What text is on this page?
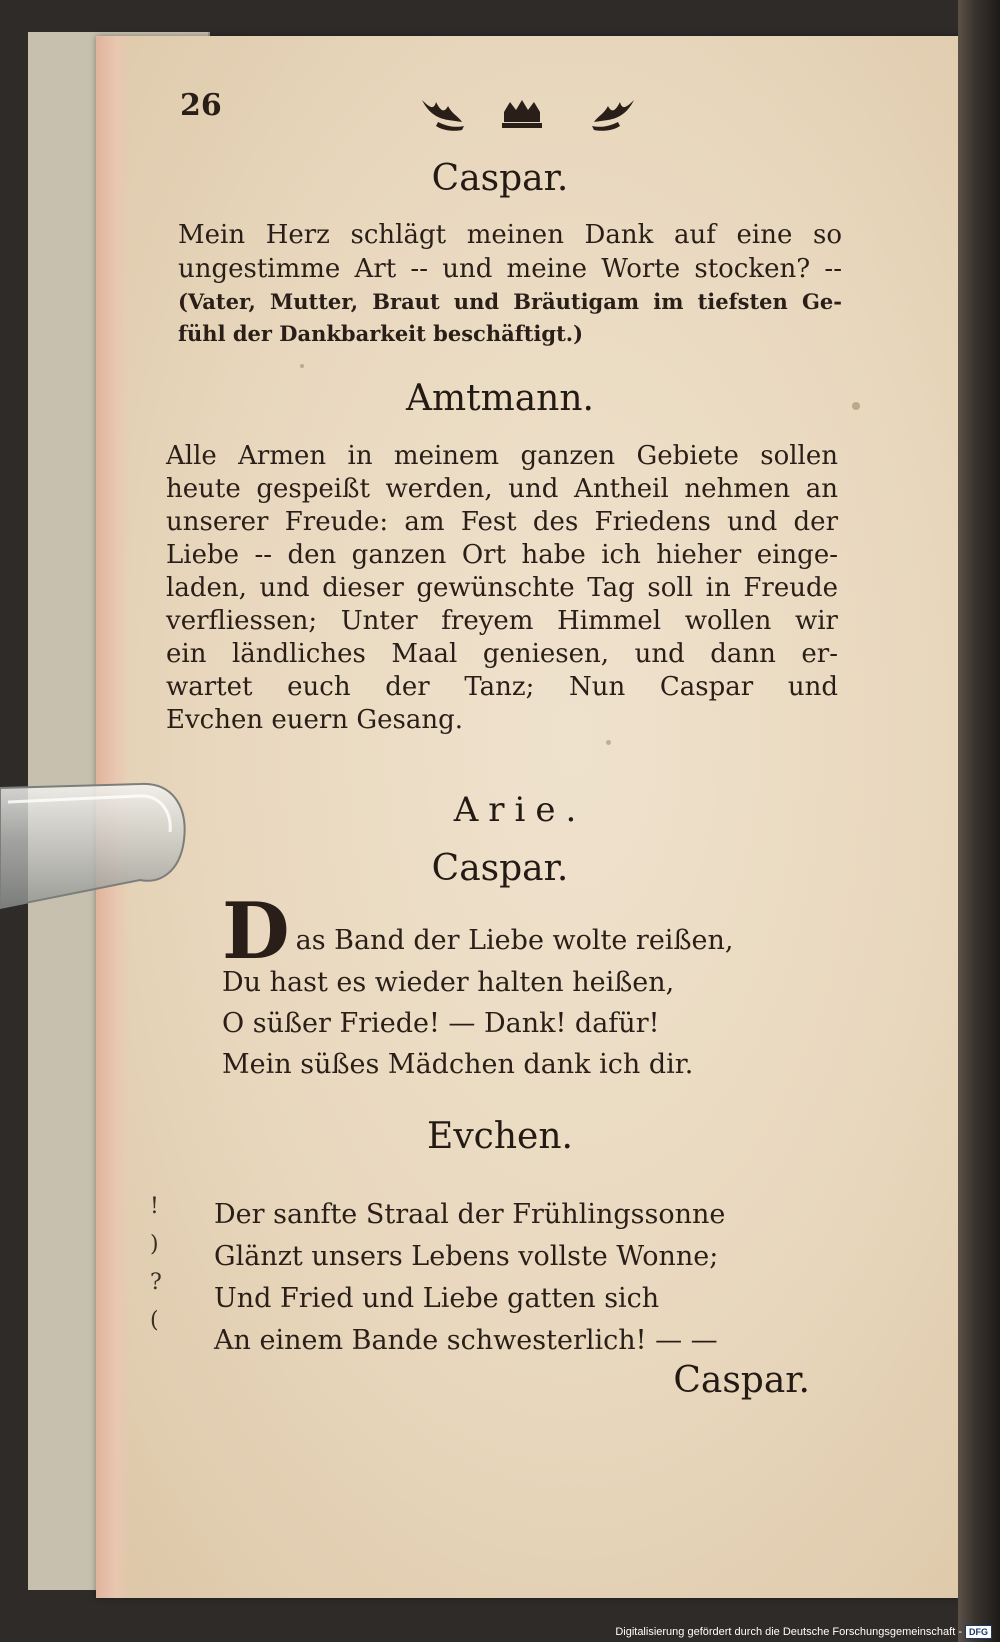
26
Caspar.
Mein Herz schlägt meinen Dank auf eine so
ungestimme Art -- und meine Worte stocken? --
(Vater, Mutter, Braut und Bräutigam im tiefsten Ge-
fühl der Dankbarkeit beschäftigt.)
Amtmann.
Alle Armen in meinem ganzen Gebiete sollen
heute gespeißt werden, und Antheil nehmen an
unserer Freude: am Fest des Friedens und der
Liebe -- den ganzen Ort habe ich hieher einge-
laden, und dieser gewünschte Tag soll in Freude
verfliessen; Unter freyem Himmel wollen wir
ein ländliches Maal geniesen, und dann er-
wartet euch der Tanz; Nun Caspar und
Evchen euern Gesang.
Arie.
Caspar.
D as Band der Liebe wolte reißen,
Du hast es wieder halten heißen,
O süßer Friede! — Dank! dafür!
Mein süßes Mädchen dank ich dir.
Evchen.
Der sanfte Straal der Frühlingssonne
Glänzt unsers Lebens vollste Wonne;
Und Fried und Liebe gatten sich
An einem Bande schwesterlich! — —
!
)
?
(
Caspar.
Digitalisierung gefördert durch die Deutsche Forschungsgemeinschaft - DFG
